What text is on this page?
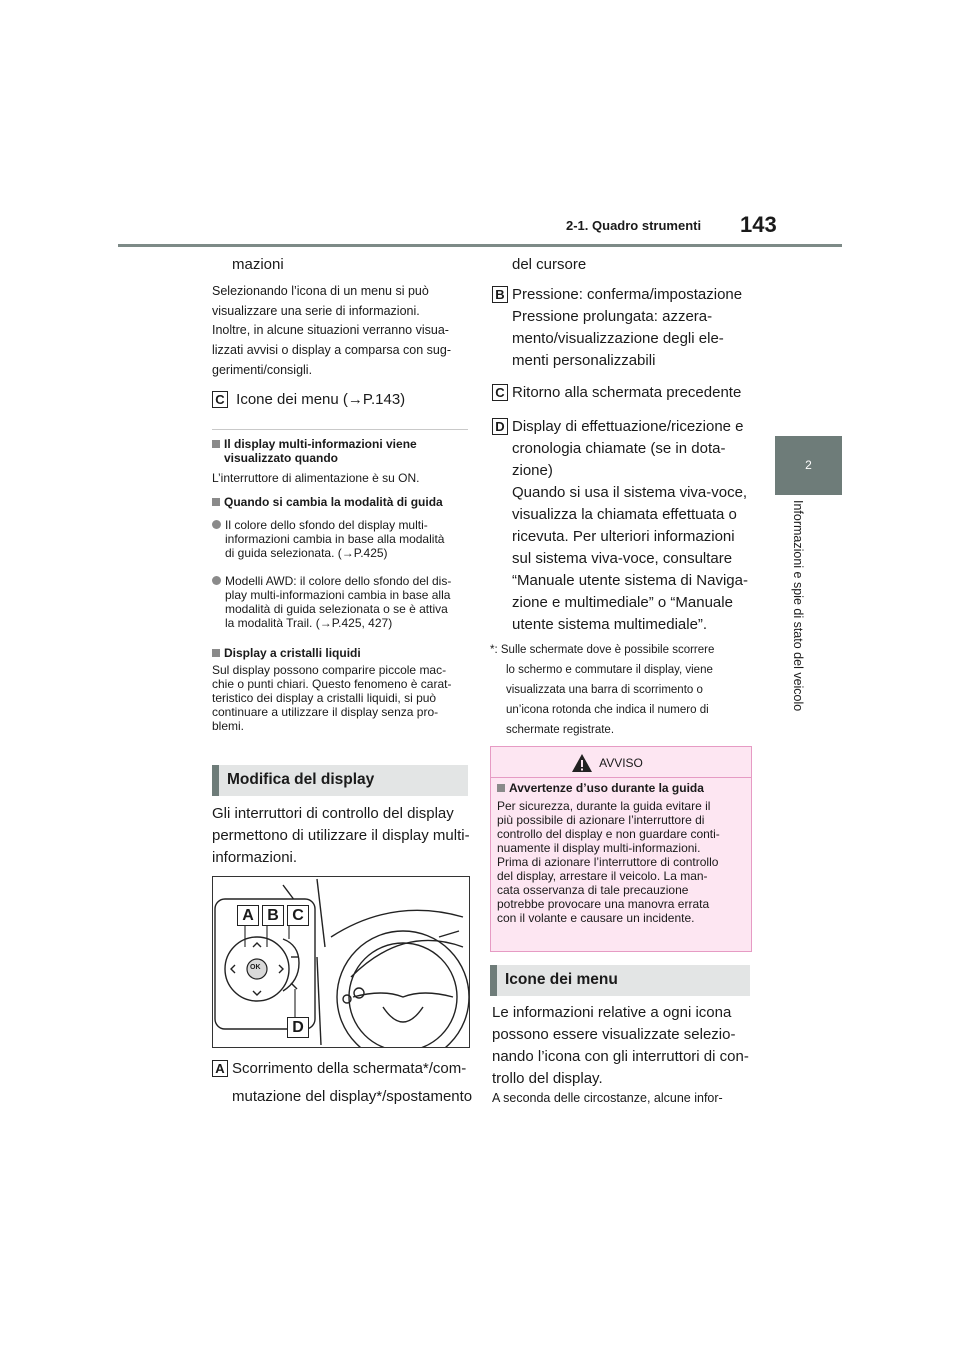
2-1. Quadro strumenti 143
2
Informazioni e spie di stato del veicolo
mazioni
Selezionando l’icona di un menu si può
visualizzare una serie di informazioni.
Inoltre, in alcune situazioni verranno visua-
lizzati avvisi o display a comparsa con sug-
gerimenti/consigli.
C Icone dei menu (→P.143)
Il display multi-informazioni viene
visualizzato quando
L’interruttore di alimentazione è su ON.
Quando si cambia la modalità di guida
Il colore dello sfondo del display multi-
informazioni cambia in base alla modalità
di guida selezionata. (→P.425)
Modelli AWD: il colore dello sfondo del dis-
play multi-informazioni cambia in base alla
modalità di guida selezionata o se è attiva
la modalità Trail. (→P.425, 427)
Display a cristalli liquidi
Sul display possono comparire piccole mac-
chie o punti chiari. Questo fenomeno è carat-
teristico dei display a cristalli liquidi, si può
continuare a utilizzare il display senza pro-
blemi.
Modifica del display
Gli interruttori di controllo del display
permettono di utilizzare il display multi-
informazioni.
A B C
D
OK
A Scorrimento della schermata*/com-
mutazione del display*/spostamento
del cursore
B Pressione: conferma/impostazione
Pressione prolungata: azzera-
mento/visualizzazione degli ele-
menti personalizzabili
C Ritorno alla schermata precedente
D Display di effettuazione/ricezione e
cronologia chiamate (se in dota-
zione)
Quando si usa il sistema viva-voce,
visualizza la chiamata effettuata o
ricevuta. Per ulteriori informazioni
sul sistema viva-voce, consultare
“Manuale utente sistema di Naviga-
zione e multimediale” o “Manuale
utente sistema multimediale”.
*: Sulle schermate dove è possibile scorrere
lo schermo e commutare il display, viene
visualizzata una barra di scorrimento o
un’icona rotonda che indica il numero di
schermate registrate.
AVVISO
Avvertenze d’uso durante la guida
Per sicurezza, durante la guida evitare il
più possibile di azionare l’interruttore di
controllo del display e non guardare conti-
nuamente il display multi-informazioni.
Prima di azionare l’interruttore di controllo
del display, arrestare il veicolo. La man-
cata osservanza di tale precauzione
potrebbe provocare una manovra errata
con il volante e causare un incidente.
Icone dei menu
Le informazioni relative a ogni icona
possono essere visualizzate selezio-
nando l’icona con gli interruttori di con-
trollo del display.
A seconda delle circostanze, alcune infor-
